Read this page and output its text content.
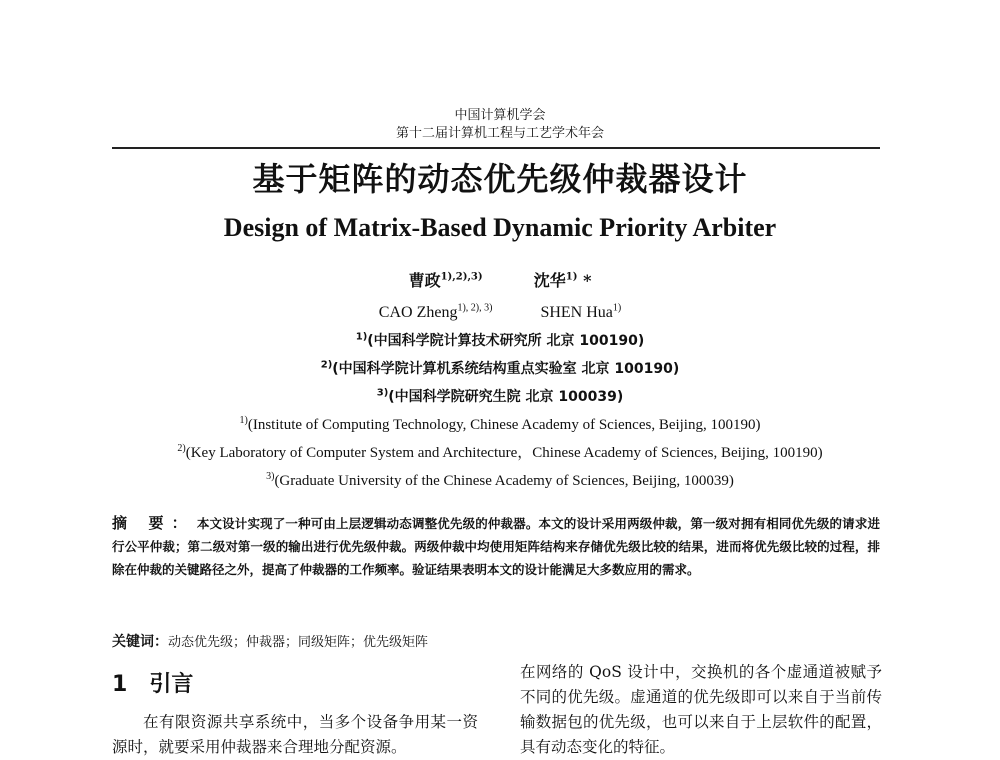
中国计算机学会
第十二届计算机工程与工艺学术年会
基于矩阵的动态优先级仲裁器设计
Design of Matrix-Based Dynamic Priority Arbiter
曹政$^{1),2),3)}$	沈华$^{1)}$ *
CAO Zheng$^{1), 2), 3)}$	SHEN Hua$^{1)}$
$^{1)}$(中国科学院计算技术研究所 北京 100190)
$^{2)}$(中国科学院计算机系统结构重点实验室 北京 100190)
$^{3)}$(中国科学院研究生院 北京 100039)
$^{1)}$(Institute of Computing Technology, Chinese Academy of Sciences, Beijing, 100190)
$^{2)}$(Key Laboratory of Computer System and Architecture，Chinese Academy of Sciences, Beijing, 100190)
$^{3)}$(Graduate University of the Chinese Academy of Sciences, Beijing, 100039)
摘 要： 本文设计实现了一种可由上层逻辑动态调整优先级的仲裁器。本文的设计采用两级仲裁，第一级对拥有相同优先级的请求进行公平仲裁；第二级对第一级的输出进行优先级仲裁。两级仲裁中均使用矩阵结构来存储优先级比较的结果，进而将优先级比较的过程，排除在仲裁的关键路径之外，提高了仲裁器的工作频率。验证结果表明本文的设计能满足大多数应用的需求。
关键词：动态优先级；仲裁器；同级矩阵；优先级矩阵
1 引言
在有限资源共享系统中，当多个设备争用某一资源时，就要采用仲裁器来合理地分配资源。
在网络的 QoS 设计中，交换机的各个虚通道被赋予不同的优先级。虚通道的优先级即可以来自于当前传输数据包的优先级，也可以来自于上层软件的配置，具有动态变化的特征。
